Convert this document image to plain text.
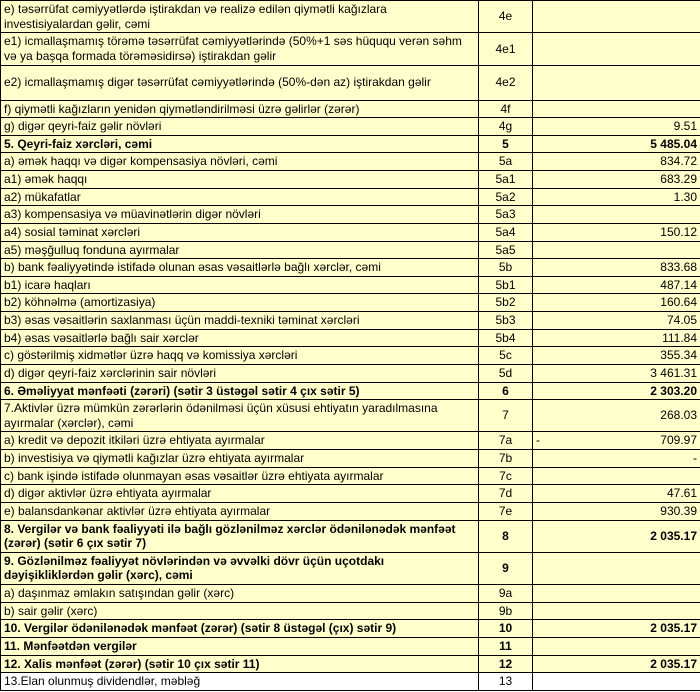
e) təsərrüfat cəmiyyətlərdə iştirakdan və realizə edilən qiymətli kağızlara investisiyalardan gəlir, cəmi	4e	
e1) icmallaşmamış törəmə təsərrüfat cəmiyyətlərində (50%+1 səs hüququ verən səhm və ya başqa formada törəməsidirsə) iştirakdan gəlir	4e1	
e2) icmallaşmamış digər təsərrüfat cəmiyyətlərində (50%-dən az) iştirakdan gəlir	4e2	
f) qiymətli kağızların yenidən qiymətləndirilməsi üzrə gəlirlər (zərər)	4f	
g) digər qeyri-faiz gəlir növləri	4g	9.51
5. Qeyri-faiz xərcləri, cəmi	5	5 485.04
a) əmək haqqı və digər kompensasiya növləri, cəmi	5a	834.72
a1) əmək haqqı	5a1	683.29
a2) mükafatlar	5a2	1.30
a3) kompensasiya və müavinətlərin digər növləri	5a3	
a4) sosial təminat xərcləri	5a4	150.12
a5) məşğulluq fonduna ayırmalar	5a5	
b) bank fəaliyyətində istifadə olunan əsas vəsaitlərlə bağlı xərclər, cəmi	5b	833.68
b1) icarə haqları	5b1	487.14
b2) köhnəlmə (amortizasiya)	5b2	160.64
b3) əsas vəsaitlərin saxlanması üçün maddi-texniki təminat xərcləri	5b3	74.05
b4) əsas vəsaitlərlə bağlı sair xərclər	5b4	111.84
c) göstərilmiş xidmətlər üzrə haqq və komissiya xərcləri	5c	355.34
d) digər qeyri-faiz xərclərinin sair növləri	5d	3 461.31
6. Əməliyyat mənfəəti (zərəri) (sətir 3 üstəgəl sətir 4 çıx sətir 5)	6	2 303.20
7.Aktivlər üzrə mümkün zərərlərin ödənilməsi üçün xüsusi ehtiyatın yaradılmasına ayırmalar (xərclər), cəmi	7	268.03
a) kredit və depozit itkiləri üzrə ehtiyata ayırmalar	7a	- 709.97

b) investisiya və qiymətli kağızlar üzrə ehtiyata ayırmalar	7b	-
c) bank işində istifadə olunmayan əsas vəsaitlər üzrə ehtiyata ayırmalar	7c	
d) digər aktivlər üzrə ehtiyata ayırmalar	7d	47.61
e) balansdankənar aktivlər üzrə ehtiyata ayırmalar	7e	930.39
8. Vergilər və bank fəaliyyəti ilə bağlı gözlənilməz xərclər ödənilənədək mənfəət (zərər) (sətir 6 çıx sətir 7)	8	2 035.17
9. Gözlənilməz fəaliyyət növlərindən və əvvəlki dövr üçün uçotdakı dəyişikliklərdən gəlir (xərc), cəmi	9	
a) daşınmaz əmlakın satışından gəlir (xərc)	9a	
b) sair gəlir (xərc)	9b	
10. Vergilər ödənilənədək mənfəət (zərər) (sətir 8 üstəgəl (çıx) sətir 9)	10	2 035.17
11. Mənfəətdən vergilər	11	
12. Xalis mənfəət (zərər) (sətir 10 çıx sətir 11)	12	2 035.17
13.Elan olunmuş dividendlər, məbləğ	13	
